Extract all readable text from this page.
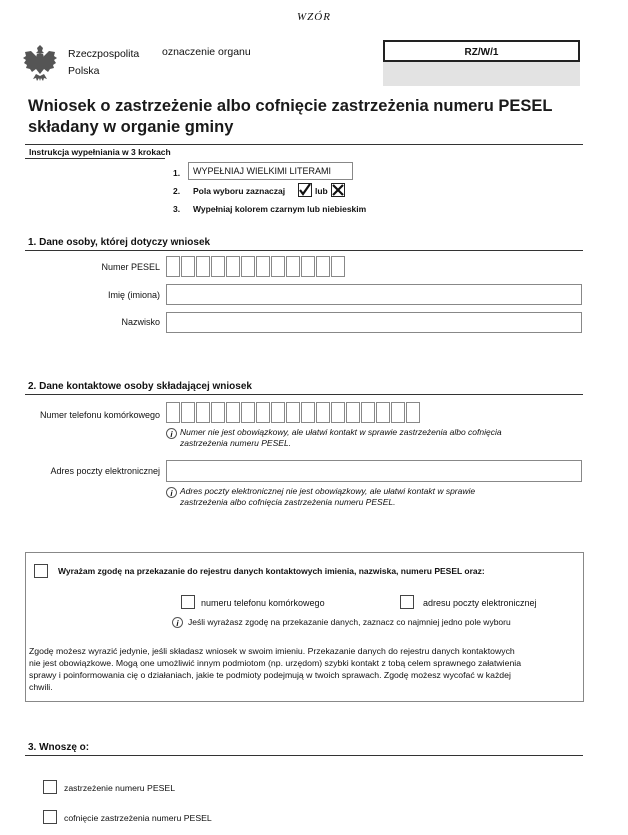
WZÓR
Rzeczpospolita
Polska
oznaczenie organu	RZ/W/1
Wniosek o zastrzeżenie albo cofnięcie zastrzeżenia numeru PESEL
składany w organie gminy
Instrukcja wypełniania w 3 krokach
1.	WYPEŁNIAJ WIELKIMI LITERAMI
2. Pola wyboru zaznaczaj	lub
3. Wypełniaj kolorem czarnym lub niebieskim
1. Dane osoby, której dotyczy wniosek
Numer PESEL
Imię (imiona)
Nazwisko
2. Dane kontaktowe osoby składającej wniosek
Numer telefonu komórkowego
i Numer nie jest obowiązkowy, ale ułatwi kontakt w sprawie zastrzeżenia albo cofnięcia
zastrzeżenia numeru PESEL.
Adres poczty elektronicznej
i Adres poczty elektronicznej nie jest obowiązkowy, ale ułatwi kontakt w sprawie
zastrzeżenia albo cofnięcia zastrzeżenia numeru PESEL.
Wyrażam zgodę na przekazanie do rejestru danych kontaktowych imienia, nazwiska, numeru PESEL oraz:
numeru telefonu komórkowego	adresu poczty elektronicznej
i	Jeśli wyrażasz zgodę na przekazanie danych, zaznacz co najmniej jedno pole wyboru
Zgodę możesz wyrazić jedynie, jeśli składasz wniosek w swoim imieniu. Przekazanie danych do rejestru danych kontaktowych
nie jest obowiązkowe. Mogą one umożliwić innym podmiotom (np. urzędom) szybki kontakt z tobą celem sprawnego załatwienia
sprawy i poinformowania cię o działaniach, jakie te podmioty podejmują w twoich sprawach. Zgodę możesz wycofać w każdej
chwili.
3. Wnoszę o:
zastrzeżenie numeru PESEL
cofnięcie zastrzeżenia numeru PESEL
